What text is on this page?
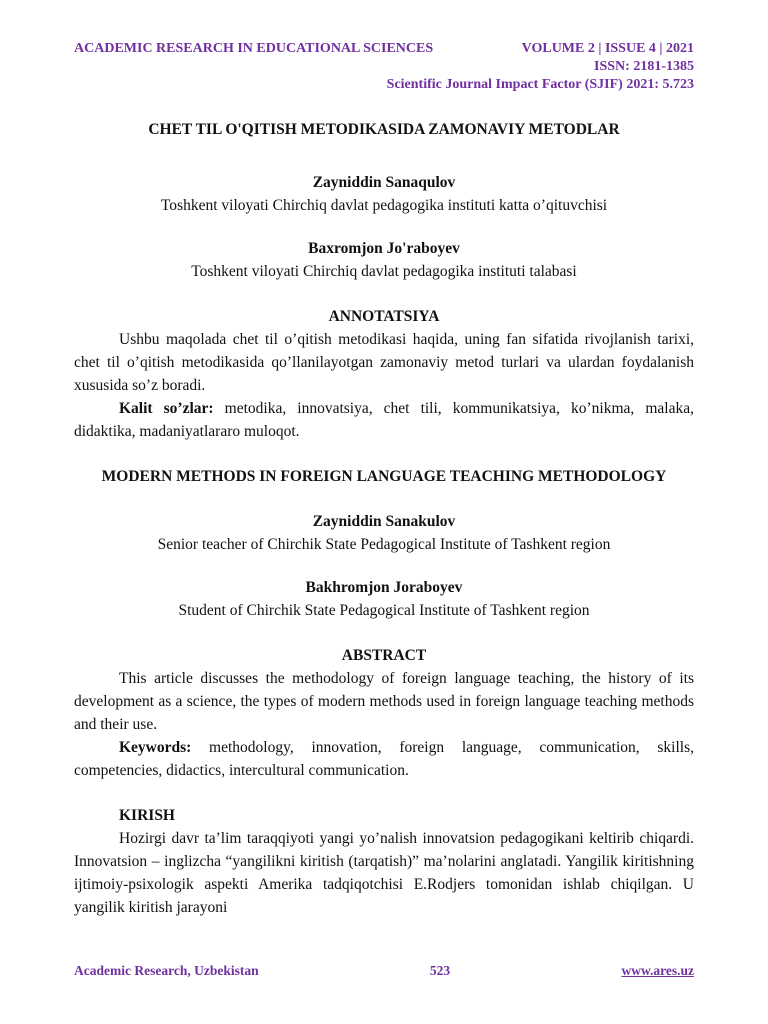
ACADEMIC RESEARCH IN EDUCATIONAL SCIENCES	VOLUME 2 | ISSUE 4 | 2021
ISSN: 2181-1385
Scientific Journal Impact Factor (SJIF) 2021: 5.723
CHET TIL O'QITISH METODIKASIDA ZAMONAVIY METODLAR
Zayniddin Sanaqulov
Toshkent viloyati Chirchiq davlat pedagogika instituti katta o’qituvchisi
Baxromjon Jo'raboyev
Toshkent viloyati Chirchiq davlat pedagogika instituti talabasi
ANNOTATSIYA

Ushbu maqolada chet til o’qitish metodikasi haqida, uning fan sifatida rivojlanish tarixi, chet til o’qitish metodikasida qo’llanilayotgan zamonaviy metod turlari va ulardan foydalanish xususida so’z boradi.

Kalit so’zlar: metodika, innovatsiya, chet tili, kommunikatsiya, ko’nikma, malaka, didaktika, madaniyatlararo muloqot.

MODERN METHODS IN FOREIGN LANGUAGE TEACHING METHODOLOGY
Zayniddin Sanakulov
Senior teacher of Chirchik State Pedagogical Institute of Tashkent region
Bakhromjon Joraboyev
Student of Chirchik State Pedagogical Institute of Tashkent region
ABSTRACT

This article discusses the methodology of foreign language teaching, the history of its development as a science, the types of modern methods used in foreign language teaching methods and their use.

Keywords: methodology, innovation, foreign language, communication, skills, competencies, didactics, intercultural communication.

KIRISH

Hozirgi davr ta’lim taraqqiyoti yangi yo’nalish innovatsion pedagogikani keltirib chiqardi. Innovatsion – inglizcha “yangilikni kiritish (tarqatish)” ma’nolarini anglatadi. Yangilik kiritishning ijtimoiy-psixologik aspekti Amerika tadqiqotchisi E.Rodjers tomonidan ishlab chiqilgan. U yangilik kiritish jarayoni

Academic Research, Uzbekistan	523	www.ares.uz
